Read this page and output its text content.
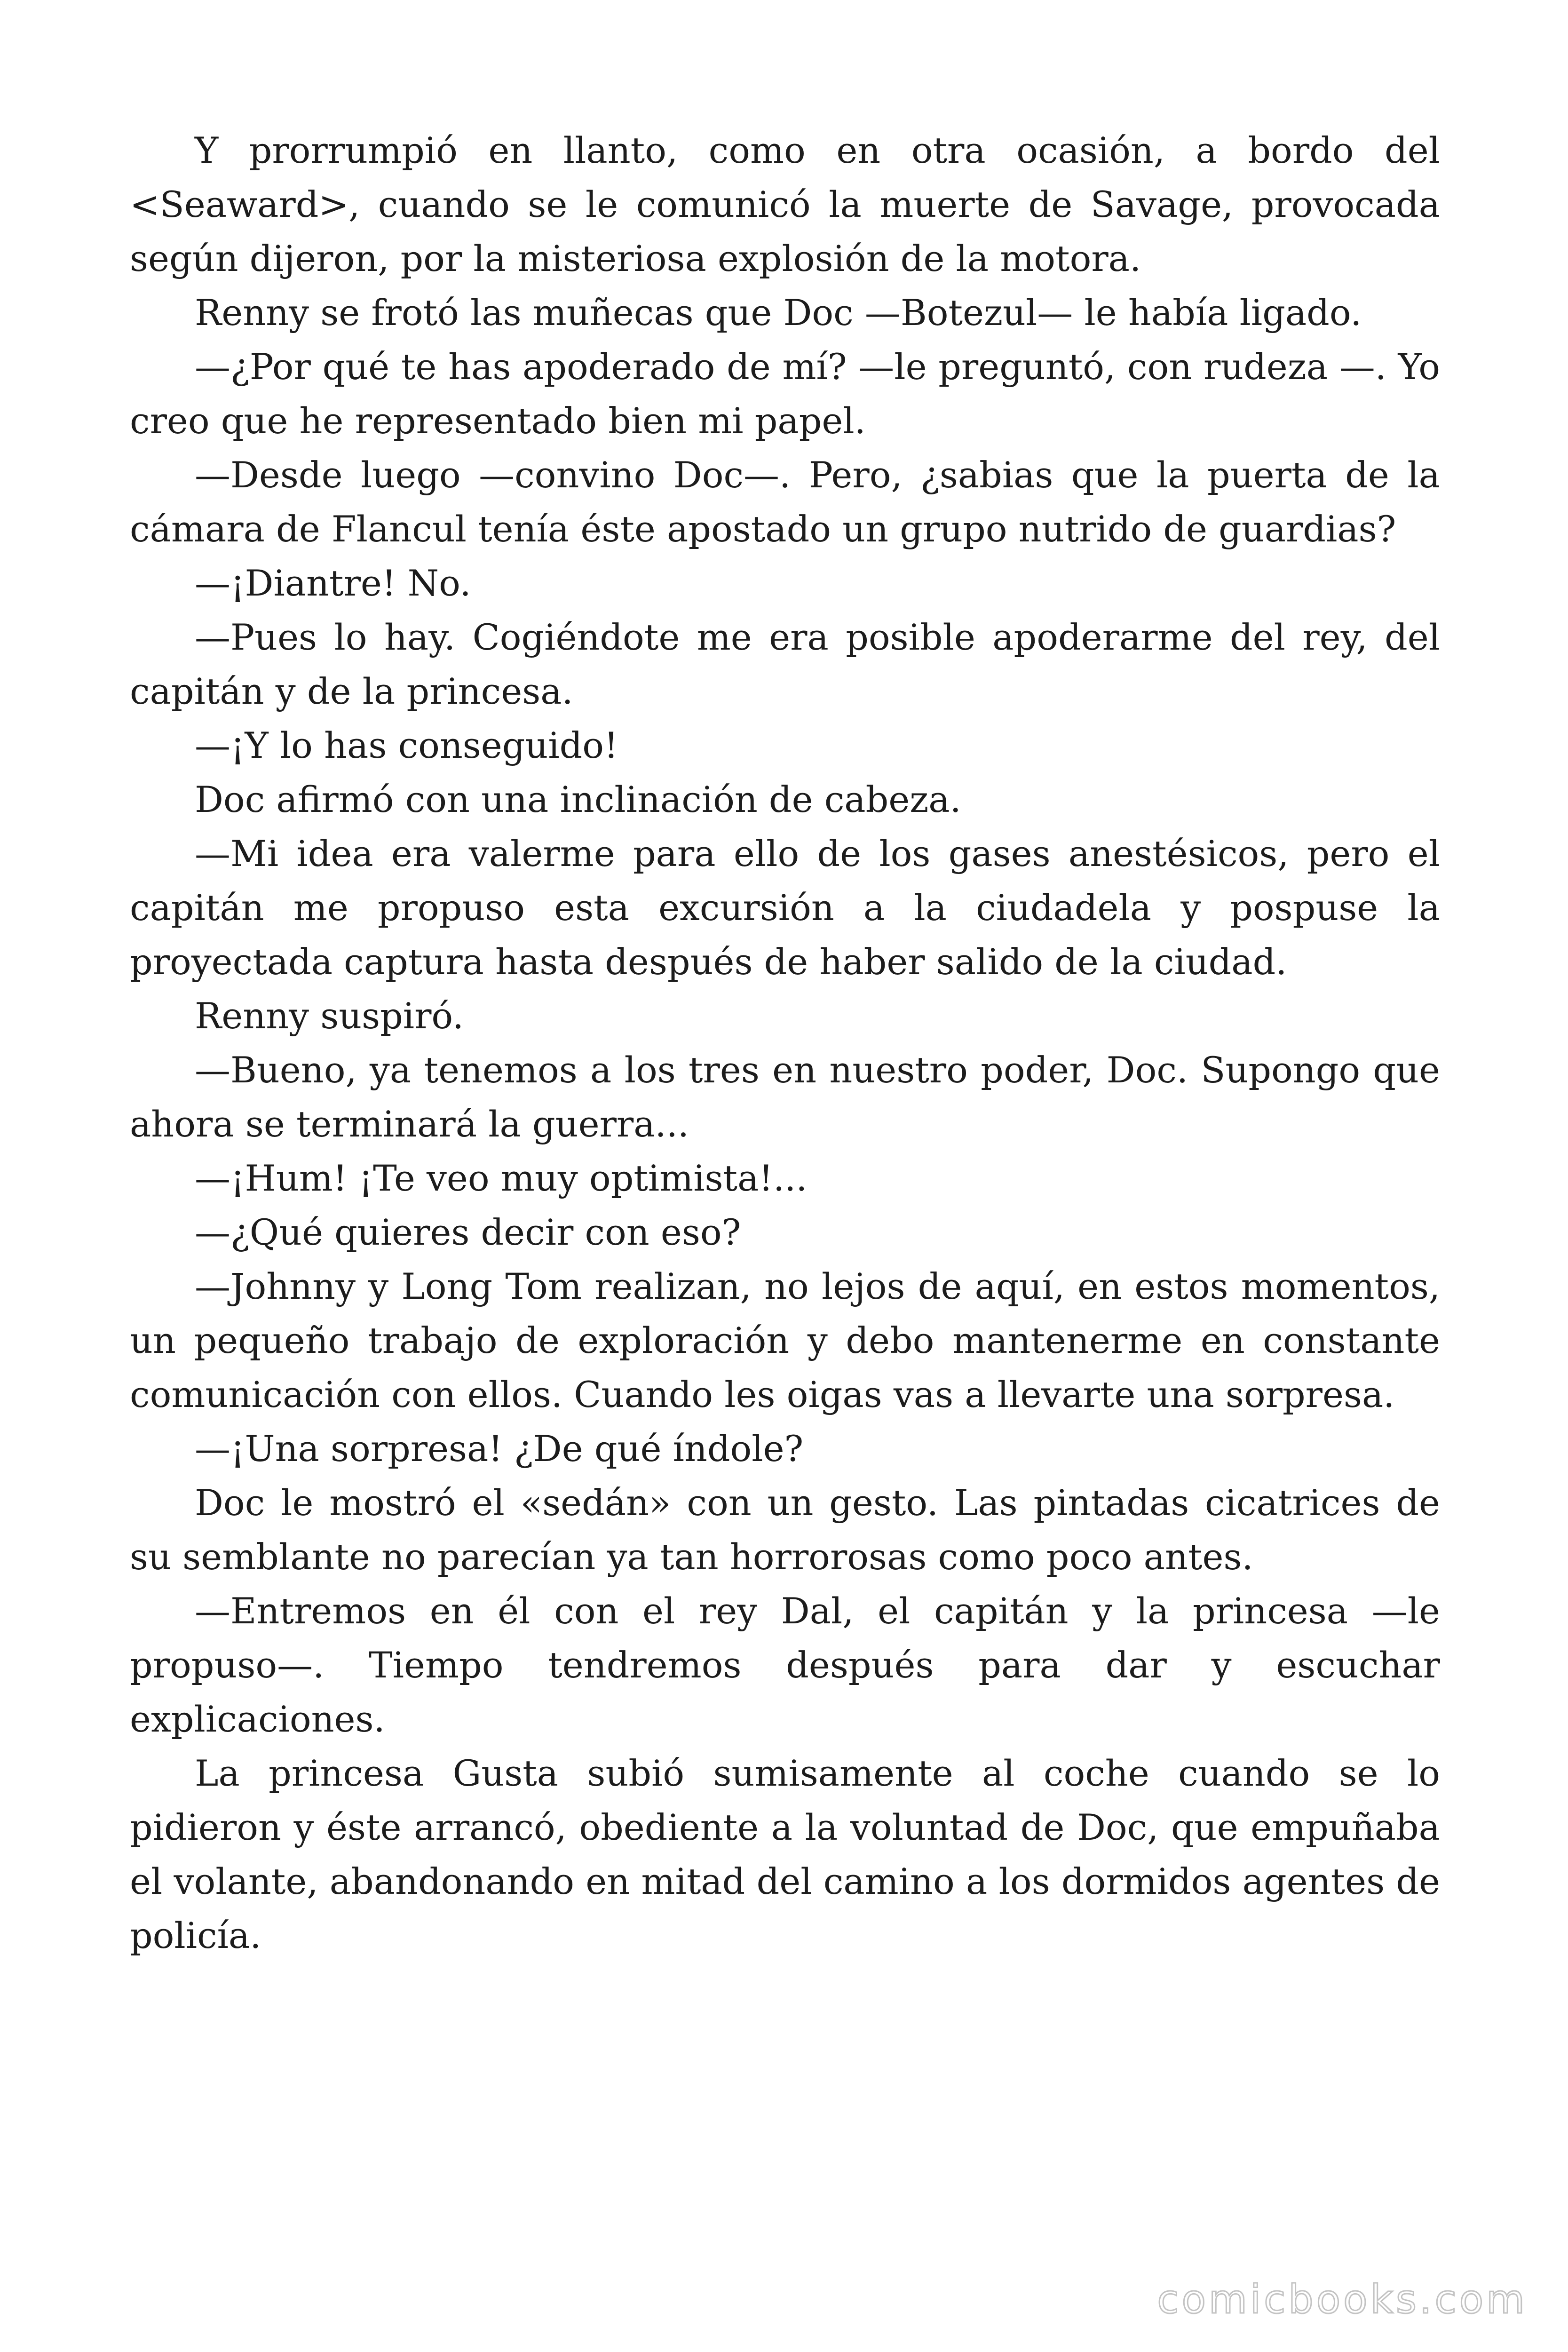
Y prorrumpió en llanto, como en otra ocasión, a bordo del <Seaward>, cuando se le comunicó la muerte de Savage, provocada según dijeron, por la misteriosa explosión de la motora.

Renny se frotó las muñecas que Doc —Botezul— le había ligado.

—¿Por qué te has apoderado de mí? —le preguntó, con rudeza —. Yo creo que he representado bien mi papel.

—Desde luego —convino Doc—. Pero, ¿sabias que la puerta de la cámara de Flancul tenía éste apostado un grupo nutrido de guardias?

—¡Diantre! No.

—Pues lo hay. Cogiéndote me era posible apoderarme del rey, del capitán y de la princesa.

—¡Y lo has conseguido!

Doc afirmó con una inclinación de cabeza.

—Mi idea era valerme para ello de los gases anestésicos, pero el capitán me propuso esta excursión a la ciudadela y pospuse la proyectada captura hasta después de haber salido de la ciudad.

Renny suspiró.

—Bueno, ya tenemos a los tres en nuestro poder, Doc. Supongo que ahora se terminará la guerra...

—¡Hum! ¡Te veo muy optimista!...

—¿Qué quieres decir con eso?

—Johnny y Long Tom realizan, no lejos de aquí, en estos momentos, un pequeño trabajo de exploración y debo mantenerme en constante comunicación con ellos. Cuando les oigas vas a llevarte una sorpresa.

—¡Una sorpresa! ¿De qué índole?

Doc le mostró el «sedán» con un gesto. Las pintadas cicatrices de su semblante no parecían ya tan horrorosas como poco antes.

—Entremos en él con el rey Dal, el capitán y la princesa —le propuso—. Tiempo tendremos después para dar y escuchar explicaciones.

La princesa Gusta subió sumisamente al coche cuando se lo pidieron y éste arrancó, obediente a la voluntad de Doc, que empuñaba el volante, abandonando en mitad del camino a los dormidos agentes de policía.

comicbooks.com
